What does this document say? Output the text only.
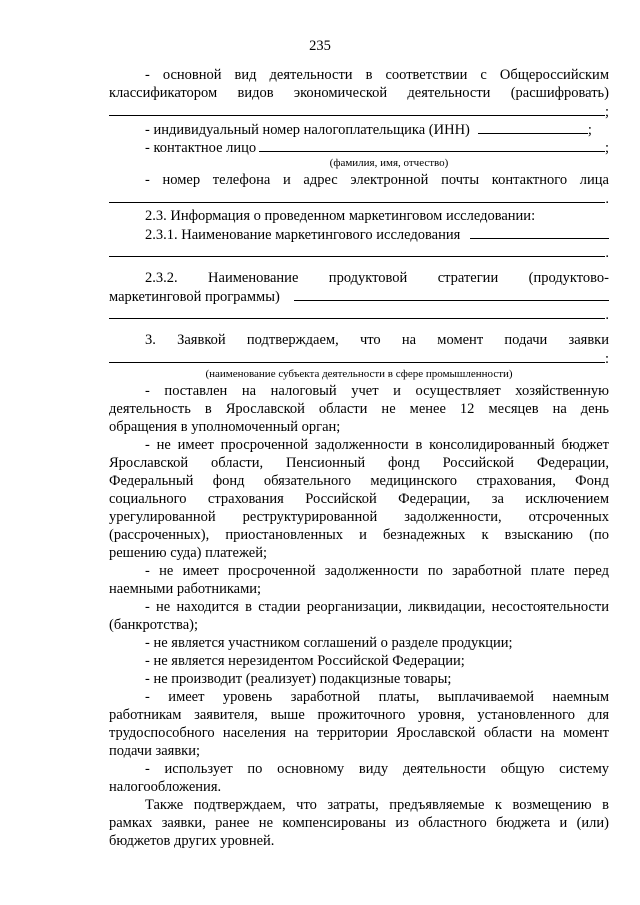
235
- основной вид деятельности в соответствии с Общероссийским
классификатором видов экономической деятельности (расшифровать)
;
- индивидуальный номер налогоплательщика (ИНН)	;
- контактное лицо	;
(фамилия, имя, отчество)
- номер телефона и адрес электронной почты контактного лица
.
2.3. Информация о проведенном маркетинговом исследовании:
2.3.1. Наименование маркетингового исследования
.
2.3.2. Наименование продуктовой стратегии (продуктово-
маркетинговой программы)
.
3. Заявкой подтверждаем, что на момент подачи заявки
:
(наименование субъекта деятельности в сфере промышленности)
- поставлен на налоговый учет и осуществляет хозяйственную
деятельность в Ярославской области не менее 12 месяцев на день
обращения в уполномоченный орган;
- не имеет просроченной задолженности в консолидированный бюджет
Ярославской области, Пенсионный фонд Российской Федерации,
Федеральный фонд обязательного медицинского страхования, Фонд
социального страхования Российской Федерации, за исключением
урегулированной реструктурированной задолженности, отсроченных
(рассроченных), приостановленных и безнадежных к взысканию (по
решению суда) платежей;
- не имеет просроченной задолженности по заработной плате перед
наемными работниками;
- не находится в стадии реорганизации, ликвидации, несостоятельности
(банкротства);
- не является участником соглашений о разделе продукции;
- не является нерезидентом Российской Федерации;
- не производит (реализует) подакцизные товары;
- имеет уровень заработной платы, выплачиваемой наемным
работникам заявителя, выше прожиточного уровня, установленного для
трудоспособного населения на территории Ярославской области на момент
подачи заявки;
- использует по основному виду деятельности общую систему
налогообложения.
Также подтверждаем, что затраты, предъявляемые к возмещению в
рамках заявки, ранее не компенсированы из областного бюджета и (или)
бюджетов других уровней.
